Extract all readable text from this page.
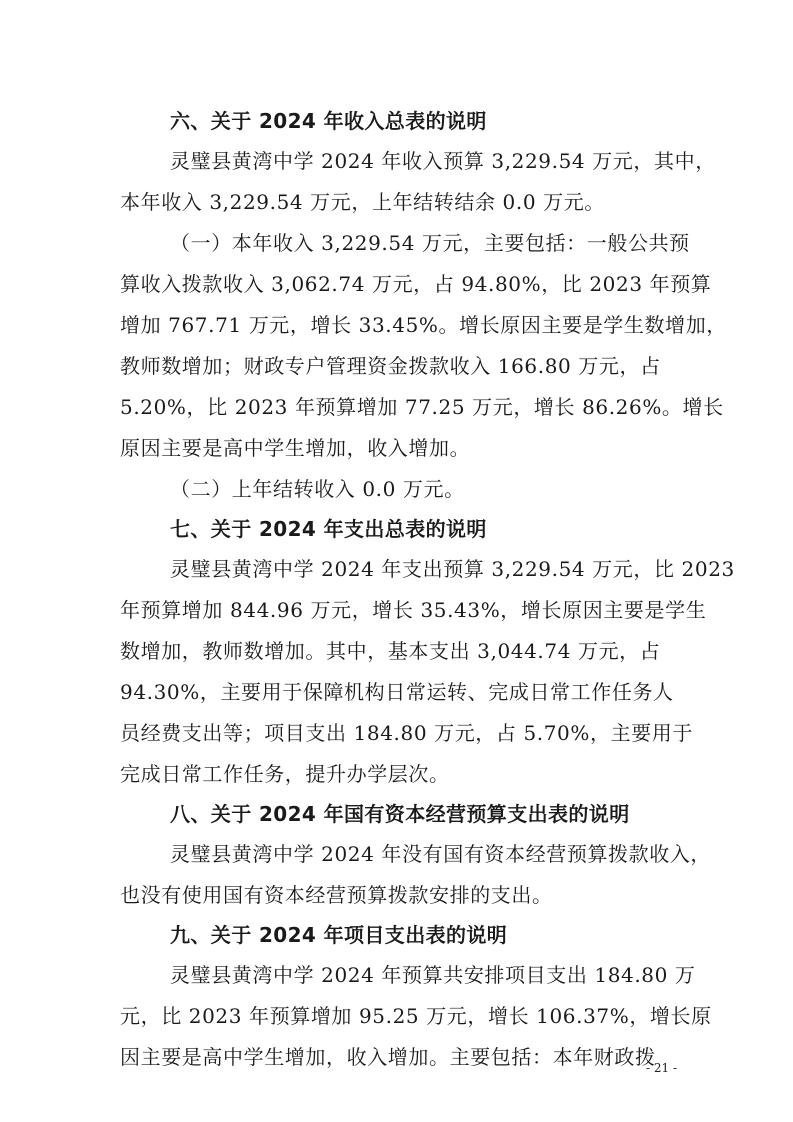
六、关于 2024 年收入总表的说明
灵璧县黄湾中学 2024 年收入预算 3,229.54 万元，其中，
本年收入 3,229.54 万元，上年结转结余 0.0 万元。
（一）本年收入 3,229.54 万元，主要包括：一般公共预
算收入拨款收入 3,062.74 万元，占 94.80%，比 2023 年预算
增加 767.71 万元，增长 33.45%。增长原因主要是学生数增加，
教师数增加；财政专户管理资金拨款收入 166.80 万元，占
5.20%，比 2023 年预算增加 77.25 万元，增长 86.26%。增长
原因主要是高中学生增加，收入增加。
（二）上年结转收入 0.0 万元。
七、关于 2024 年支出总表的说明
灵璧县黄湾中学 2024 年支出预算 3,229.54 万元，比 2023
年预算增加 844.96 万元，增长 35.43%，增长原因主要是学生
数增加，教师数增加。其中，基本支出 3,044.74 万元，占
94.30%，主要用于保障机构日常运转、完成日常工作任务人
员经费支出等；项目支出 184.80 万元，占 5.70%，主要用于
完成日常工作任务，提升办学层次。
八、关于 2024 年国有资本经营预算支出表的说明
灵璧县黄湾中学 2024 年没有国有资本经营预算拨款收入，
也没有使用国有资本经营预算拨款安排的支出。
九、关于 2024 年项目支出表的说明
灵璧县黄湾中学 2024 年预算共安排项目支出 184.80 万
元，比 2023 年预算增加 95.25 万元，增长 106.37%，增长原
因主要是高中学生增加，收入增加。主要包括：本年财政拨
- 21 -
